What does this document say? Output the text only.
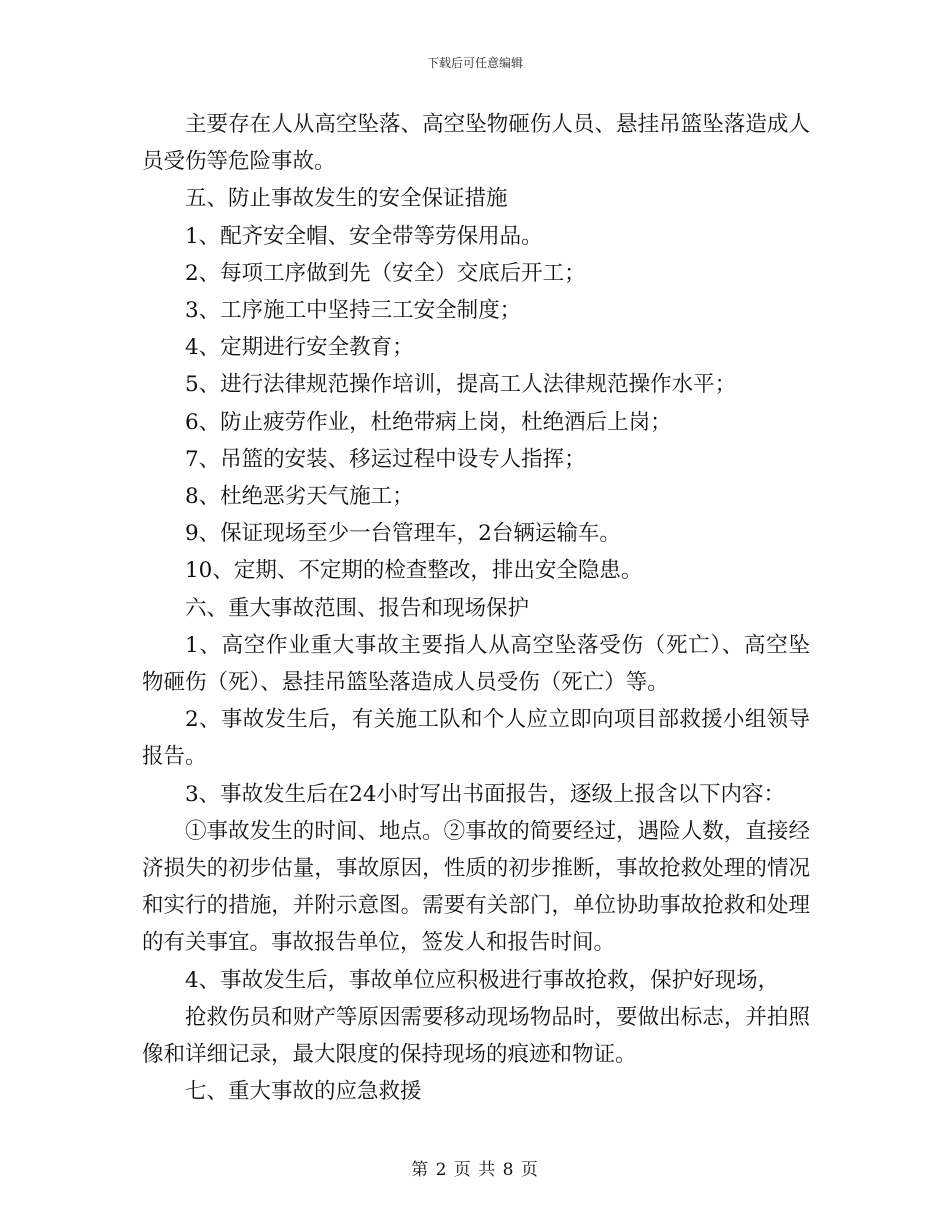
下载后可任意编辑

主要存在人从高空坠落、高空坠物砸伤人员、悬挂吊篮坠落造成人员受伤等危险事故。

五、防止事故发生的安全保证措施

1、配齐安全帽、安全带等劳保用品。

2、每项工序做到先（安全）交底后开工；

3、工序施工中坚持三工安全制度；

4、定期进行安全教育；

5、进行法律规范操作培训，提高工人法律规范操作水平；

6、防止疲劳作业，杜绝带病上岗，杜绝酒后上岗；

7、吊篮的安装、移运过程中设专人指挥；

8、杜绝恶劣天气施工；

9、保证现场至少一台管理车，2台辆运输车。

10、定期、不定期的检查整改，排出安全隐患。

六、重大事故范围、报告和现场保护

1、高空作业重大事故主要指人从高空坠落受伤（死亡）、高空坠物砸伤（死）、悬挂吊篮坠落造成人员受伤（死亡）等。

2、事故发生后，有关施工队和个人应立即向项目部救援小组领导报告。

3、事故发生后在24小时写出书面报告，逐级上报含以下内容：

①事故发生的时间、地点。②事故的简要经过，遇险人数，直接经济损失的初步估量，事故原因，性质的初步推断，事故抢救处理的情况和实行的措施，并附示意图。需要有关部门，单位协助事故抢救和处理的有关事宜。事故报告单位，签发人和报告时间。

4、事故发生后，事故单位应积极进行事故抢救，保护好现场，

抢救伤员和财产等原因需要移动现场物品时，要做出标志，并拍照像和详细记录，最大限度的保持现场的痕迹和物证。

七、重大事故的应急救援

第 2 页 共 8 页
